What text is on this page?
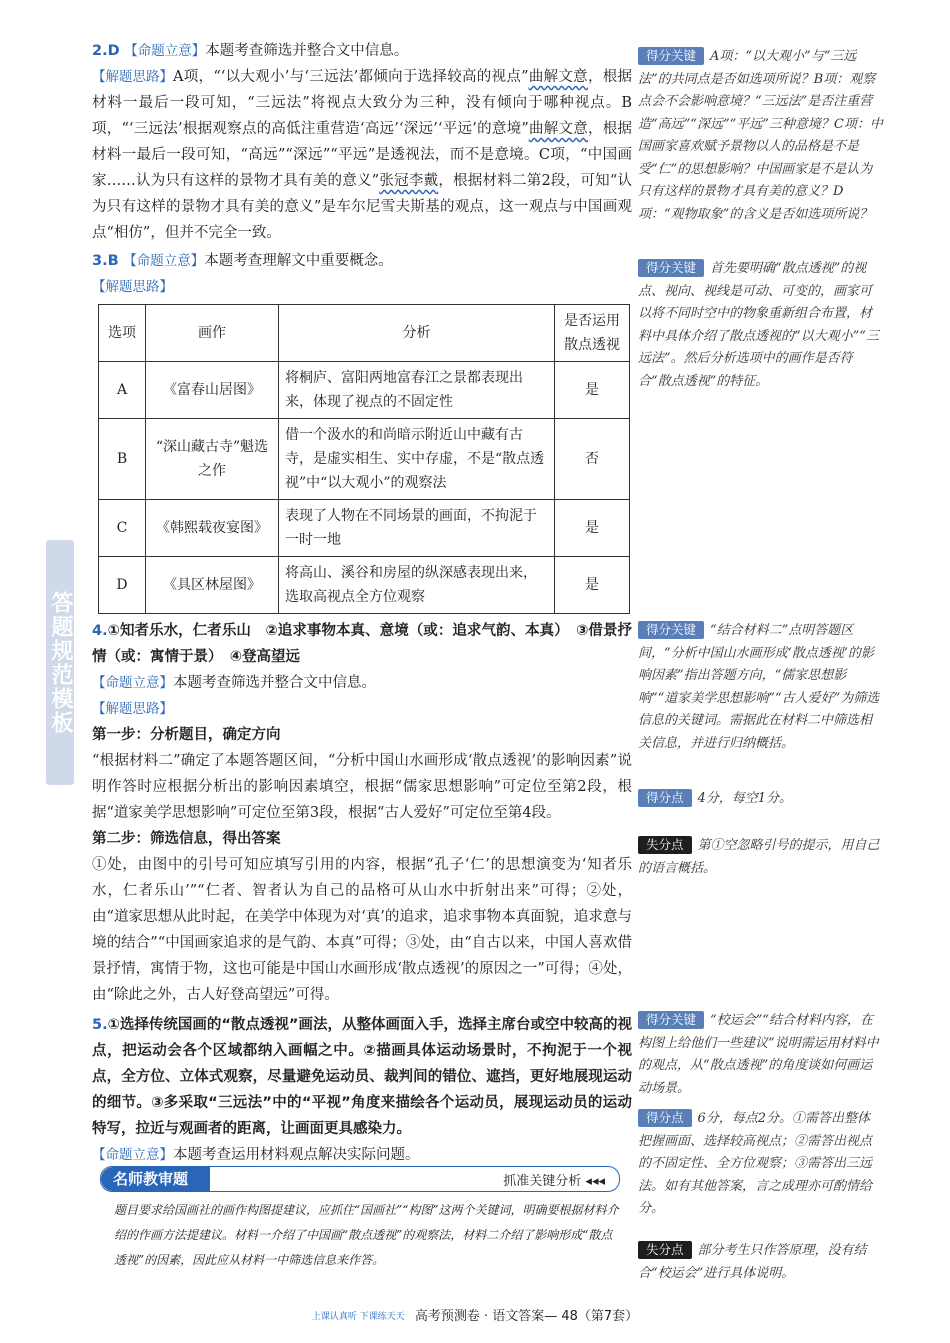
答题规范模板

2.D 【 命题立意 】 本题考查筛选并整合文中信息。

【 解题思路 】 A项，“‘以大观小’与‘三远法’都倾向于选择较高的视点”曲解文意，根据材料一最后一段可知，“三远法”将视点大致分为三种，没有倾向于哪种视点。B项，“‘三远法’根据观察点的高低注重营造‘高远’‘深远’‘平远’的意境”曲解文意，根据材料一最后一段可知，“高远”“深远”“平远”是透视法，而不是意境。C项，“中国画家……认为只有这样的景物才具有美的意义”张冠李戴，根据材料二第2段，可知“认为只有这样的景物才具有美的意义”是车尔尼雪夫斯基的观点，这一观点与中国画观点“相仿”，但并不完全一致。

3.B 【 命题立意 】 本题考查理解文中重要概念。

【 解题思路 】

选项	画作	分析	是否运用散点透视
A	《富春山居图》	将桐庐、富阳两地富春江之景都表现出来，体现了视点的不固定性	是
B	“深山藏古寺”魁选之作	借一个汲水的和尚暗示附近山中藏有古寺，是虚实相生、实中存虚，不是“散点透视”中“以大观小”的观察法	否
C	《韩熙载夜宴图》	表现了人物在不同场景的画面，不拘泥于一时一地	是
D	《具区林屋图》	将高山、溪谷和房屋的纵深感表现出来，选取高视点全方位观察	是

4.①知者乐水，仁者乐山　②追求事物本真、意境（或：追求气韵、本真）　③借景抒情（或：寓情于景）　④登高望远

【 命题立意 】 本题考查筛选并整合文中信息。

【 解题思路 】

第一步：分析题目，确定方向

“根据材料二”确定了本题答题区间，“分析中国山水画形成‘散点透视’的影响因素”说明作答时应根据分析出的影响因素填空，根据“儒家思想影响”可定位至第2段，根据“道家美学思想影响”可定位至第3段，根据“古人爱好”可定位至第4段。

第二步：筛选信息，得出答案

①处，由图中的引号可知应填写引用的内容，根据“孔子‘仁’的思想演变为‘知者乐水，仁者乐山’”“仁者、智者认为自己的品格可从山水中折射出来”可得；②处，由“道家思想从此时起，在美学中体现为对‘真’的追求，追求事物本真面貌，追求意与境的结合”“中国画家追求的是气韵、本真”可得；③处，由“自古以来，中国人喜欢借景抒情，寓情于物，这也可能是中国山水画形成‘散点透视’的原因之一”可得；④处，由“除此之外，古人好登高望远”可得。

5.①选择传统国画的“散点透视”画法，从整体画面入手，选择主席台或空中较高的视点，把运动会各个区域都纳入画幅之中。②描画具体运动场景时，不拘泥于一个视点，全方位、立体式观察，尽量避免运动员、裁判间的错位、遮挡，更好地展现运动的细节。③多采取“三远法”中的“平视”角度来描绘各个运动员，展现运动员的运动特写，拉近与观画者的距离，让画面更具感染力。

【 命题立意 】 本题考查运用材料观点解决实际问题。

名师教审题	抓准关键分析 ◂◂◂
题目要求给国画社的画作构图提建议，应抓住“国画社”“构图”这两个关键词，明确要根据材料介绍的作画方法提建议。材料一介绍了中国画“散点透视”的观察法，材料二介绍了影响形成“散点透视”的因素，因此应从材料一中筛选信息来作答。
得分关键 A项：“以大观小”与“三远法”的共同点是否如选项所说？B项：观察点会不会影响意境？“三远法”是否注重营造“高远”“深远”“平远”三种意境？C项：中国画家喜欢赋予景物以人的品格是不是受“仁”的思想影响？中国画家是不是认为只有这样的景物才具有美的意义？D项：“观物取象”的含义是否如选项所说？
得分关键 首先要明确“散点透视”的视点、视向、视线是可动、可变的，画家可以将不同时空中的物象重新组合布置，材料中具体介绍了散点透视的“以大观小”“三远法”。然后分析选项中的画作是否符合“散点透视”的特征。
得分关键 “结合材料二”点明答题区间，“分析中国山水画形成‘散点透视’的影响因素”指出答题方向，“儒家思想影响”“道家美学思想影响”“古人爱好”为筛选信息的关键词。需据此在材料二中筛选相关信息，并进行归纳概括。
得分点 4分，每空1分。
失分点 第①空忽略引号的提示，用自己的语言概括。
得分关键 “校运会”“结合材料内容，在构图上给他们一些建议”说明需运用材料中的观点，从“散点透视”的角度谈如何画运动场景。
得分点 6分，每点2分。①需答出整体把握画面、选择较高视点；②需答出视点的不固定性、全方位观察；③需答出三远法。如有其他答案，言之成理亦可酌情给分。
失分点 部分考生只作答原理，没有结合“校运会”进行具体说明。
上课认真听 下课练天天 高考预测卷 · 语文答案— 48（第7套）
